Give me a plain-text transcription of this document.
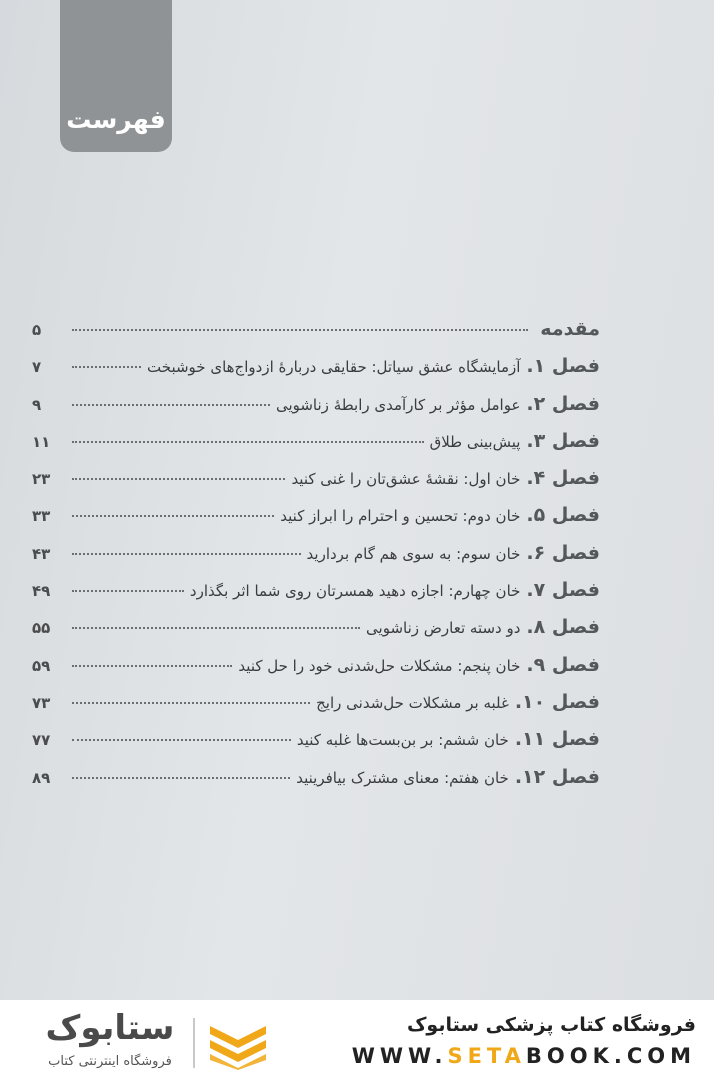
فهرست
مقدمه
۵
فصل ۱.
آزمایشگاه عشق سیاتل: حقایقی دربارهٔ ازدواج‌های خوشبخت
۷
فصل ۲.
عوامل مؤثر بر کارآمدی رابطهٔ زناشویی
۹
فصل ۳.
پیش‌بینی طلاق
۱۱
فصل ۴.
خان اول: نقشهٔ عشق‌تان را غنی کنید
۲۳
فصل ۵.
خان دوم: تحسین و احترام را ابراز کنید
۳۳
فصل ۶.
خان سوم: به سوی هم گام بردارید
۴۳
فصل ۷.
خان چهارم: اجازه دهید همسرتان روی شما اثر بگذارد
۴۹
فصل ۸.
دو دسته تعارض زناشویی
۵۵
فصل ۹.
خان پنجم: مشکلات حل‌شدنی خود را حل کنید
۵۹
فصل ۱۰.
غلبه بر مشکلات حل‌شدنی رایج
۷۳
فصل ۱۱.
خان ششم: بر بن‌بست‌ها غلبه کنید
۷۷
فصل ۱۲.
خان هفتم: معنای مشترک بیافرینید
۸۹
ستابوک
فروشگاه اینترنتی کتاب
فروشگاه کتاب پزشکی ستابوک
WWW.SETABOOK.COM
